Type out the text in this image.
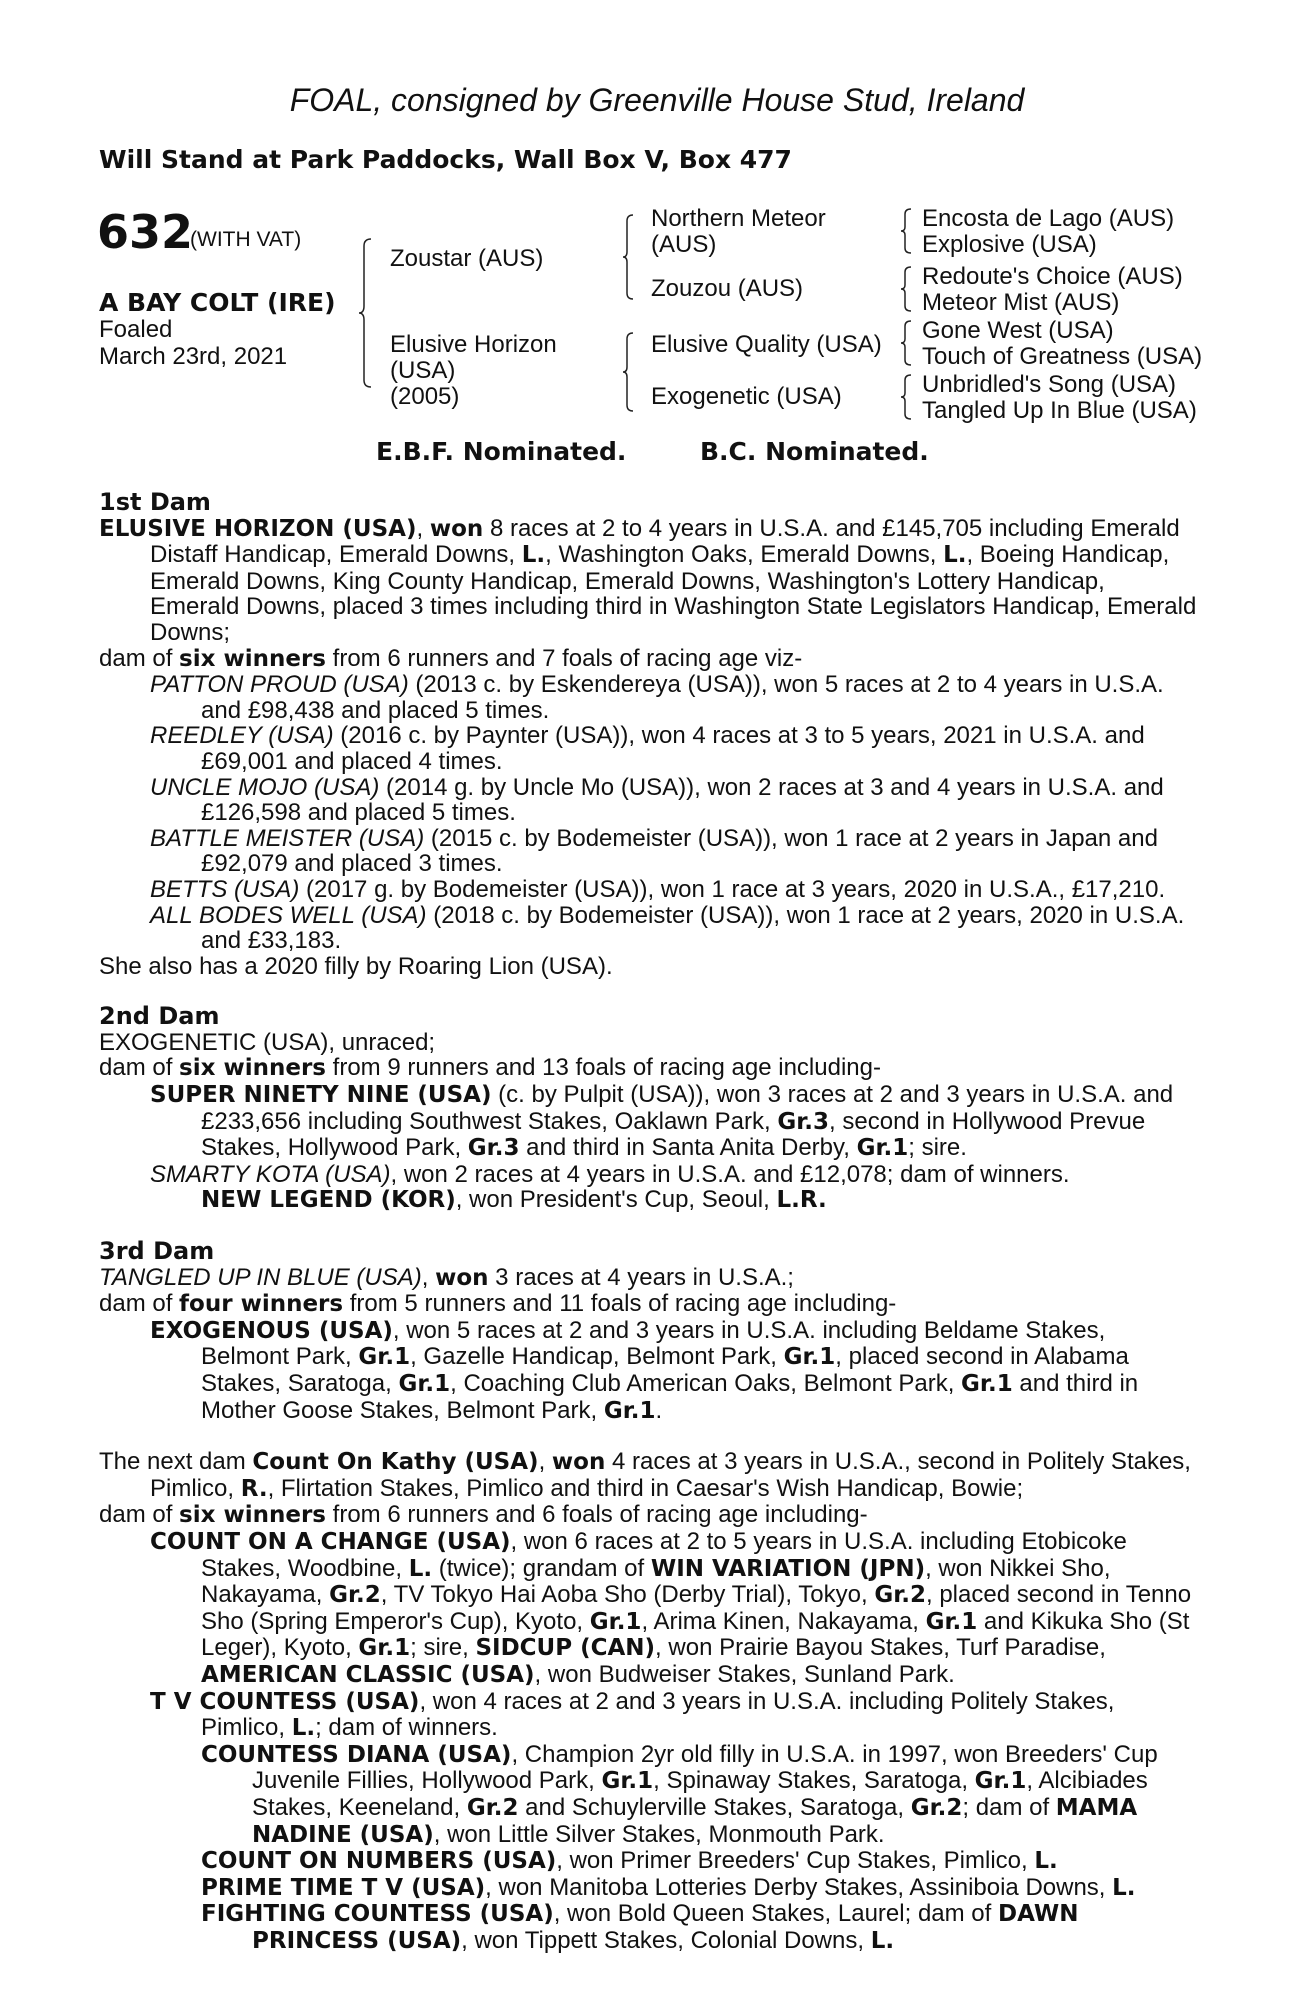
FOAL, consigned by Greenville House Stud, Ireland
Will Stand at Park Paddocks, Wall Box V, Box 477
632
(WITH VAT)
A BAY COLT (IRE)
Foaled
March 23rd, 2021
Zoustar (AUS)
Elusive Horizon
(USA)
(2005)
Northern Meteor
(AUS)
Zouzou (AUS)
Elusive Quality (USA)
Exogenetic (USA)
Encosta de Lago (AUS)
Explosive (USA)
Redoute's Choice (AUS)
Meteor Mist (AUS)
Gone West (USA)
Touch of Greatness (USA)
Unbridled's Song (USA)
Tangled Up In Blue (USA)
E.B.F. Nominated.	B.C. Nominated.

1st Dam

ELUSIVE HORIZON (USA), won 8 races at 2 to 4 years in U.S.A. and £145,705 including Emerald Distaff Handicap, Emerald Downs, L., Washington Oaks, Emerald Downs, L., Boeing Handicap, Emerald Downs, King County Handicap, Emerald Downs, Washington's Lottery Handicap, Emerald Downs, placed 3 times including third in Washington State Legislators Handicap, Emerald Downs;

dam of six winners from 6 runners and 7 foals of racing age viz-

PATTON PROUD (USA) (2013 c. by Eskendereya (USA)), won 5 races at 2 to 4 years in U.S.A. and £98,438 and placed 5 times.

REEDLEY (USA) (2016 c. by Paynter (USA)), won 4 races at 3 to 5 years, 2021 in U.S.A. and £69,001 and placed 4 times.

UNCLE MOJO (USA) (2014 g. by Uncle Mo (USA)), won 2 races at 3 and 4 years in U.S.A. and £126,598 and placed 5 times.

BATTLE MEISTER (USA) (2015 c. by Bodemeister (USA)), won 1 race at 2 years in Japan and £92,079 and placed 3 times.

BETTS (USA) (2017 g. by Bodemeister (USA)), won 1 race at 3 years, 2020 in U.S.A., £17,210.

ALL BODES WELL (USA) (2018 c. by Bodemeister (USA)), won 1 race at 2 years, 2020 in U.S.A. and £33,183.

She also has a 2020 filly by Roaring Lion (USA).

2nd Dam

EXOGENETIC (USA), unraced;

dam of six winners from 9 runners and 13 foals of racing age including-

SUPER NINETY NINE (USA) (c. by Pulpit (USA)), won 3 races at 2 and 3 years in U.S.A. and £233,656 including Southwest Stakes, Oaklawn Park, Gr.3, second in Hollywood Prevue Stakes, Hollywood Park, Gr.3 and third in Santa Anita Derby, Gr.1; sire.

SMARTY KOTA (USA), won 2 races at 4 years in U.S.A. and £12,078; dam of winners.

NEW LEGEND (KOR), won President's Cup, Seoul, L.R.

3rd Dam

TANGLED UP IN BLUE (USA), won 3 races at 4 years in U.S.A.;

dam of four winners from 5 runners and 11 foals of racing age including-

EXOGENOUS (USA), won 5 races at 2 and 3 years in U.S.A. including Beldame Stakes, Belmont Park, Gr.1, Gazelle Handicap, Belmont Park, Gr.1, placed second in Alabama Stakes, Saratoga, Gr.1, Coaching Club American Oaks, Belmont Park, Gr.1 and third in Mother Goose Stakes, Belmont Park, Gr.1.

The next dam Count On Kathy (USA), won 4 races at 3 years in U.S.A., second in Politely Stakes, Pimlico, R., Flirtation Stakes, Pimlico and third in Caesar's Wish Handicap, Bowie;

dam of six winners from 6 runners and 6 foals of racing age including-

COUNT ON A CHANGE (USA), won 6 races at 2 to 5 years in U.S.A. including Etobicoke Stakes, Woodbine, L. (twice); grandam of WIN VARIATION (JPN), won Nikkei Sho, Nakayama, Gr.2, TV Tokyo Hai Aoba Sho (Derby Trial), Tokyo, Gr.2, placed second in Tenno Sho (Spring Emperor's Cup), Kyoto, Gr.1, Arima Kinen, Nakayama, Gr.1 and Kikuka Sho (St Leger), Kyoto, Gr.1; sire, SIDCUP (CAN), won Prairie Bayou Stakes, Turf Paradise, AMERICAN CLASSIC (USA), won Budweiser Stakes, Sunland Park.

T V COUNTESS (USA), won 4 races at 2 and 3 years in U.S.A. including Politely Stakes, Pimlico, L.; dam of winners.

COUNTESS DIANA (USA), Champion 2yr old filly in U.S.A. in 1997, won Breeders' Cup Juvenile Fillies, Hollywood Park, Gr.1, Spinaway Stakes, Saratoga, Gr.1, Alcibiades Stakes, Keeneland, Gr.2 and Schuylerville Stakes, Saratoga, Gr.2; dam of MAMA NADINE (USA), won Little Silver Stakes, Monmouth Park.

COUNT ON NUMBERS (USA), won Primer Breeders' Cup Stakes, Pimlico, L.

PRIME TIME T V (USA), won Manitoba Lotteries Derby Stakes, Assiniboia Downs, L.

FIGHTING COUNTESS (USA), won Bold Queen Stakes, Laurel; dam of DAWN PRINCESS (USA), won Tippett Stakes, Colonial Downs, L.
